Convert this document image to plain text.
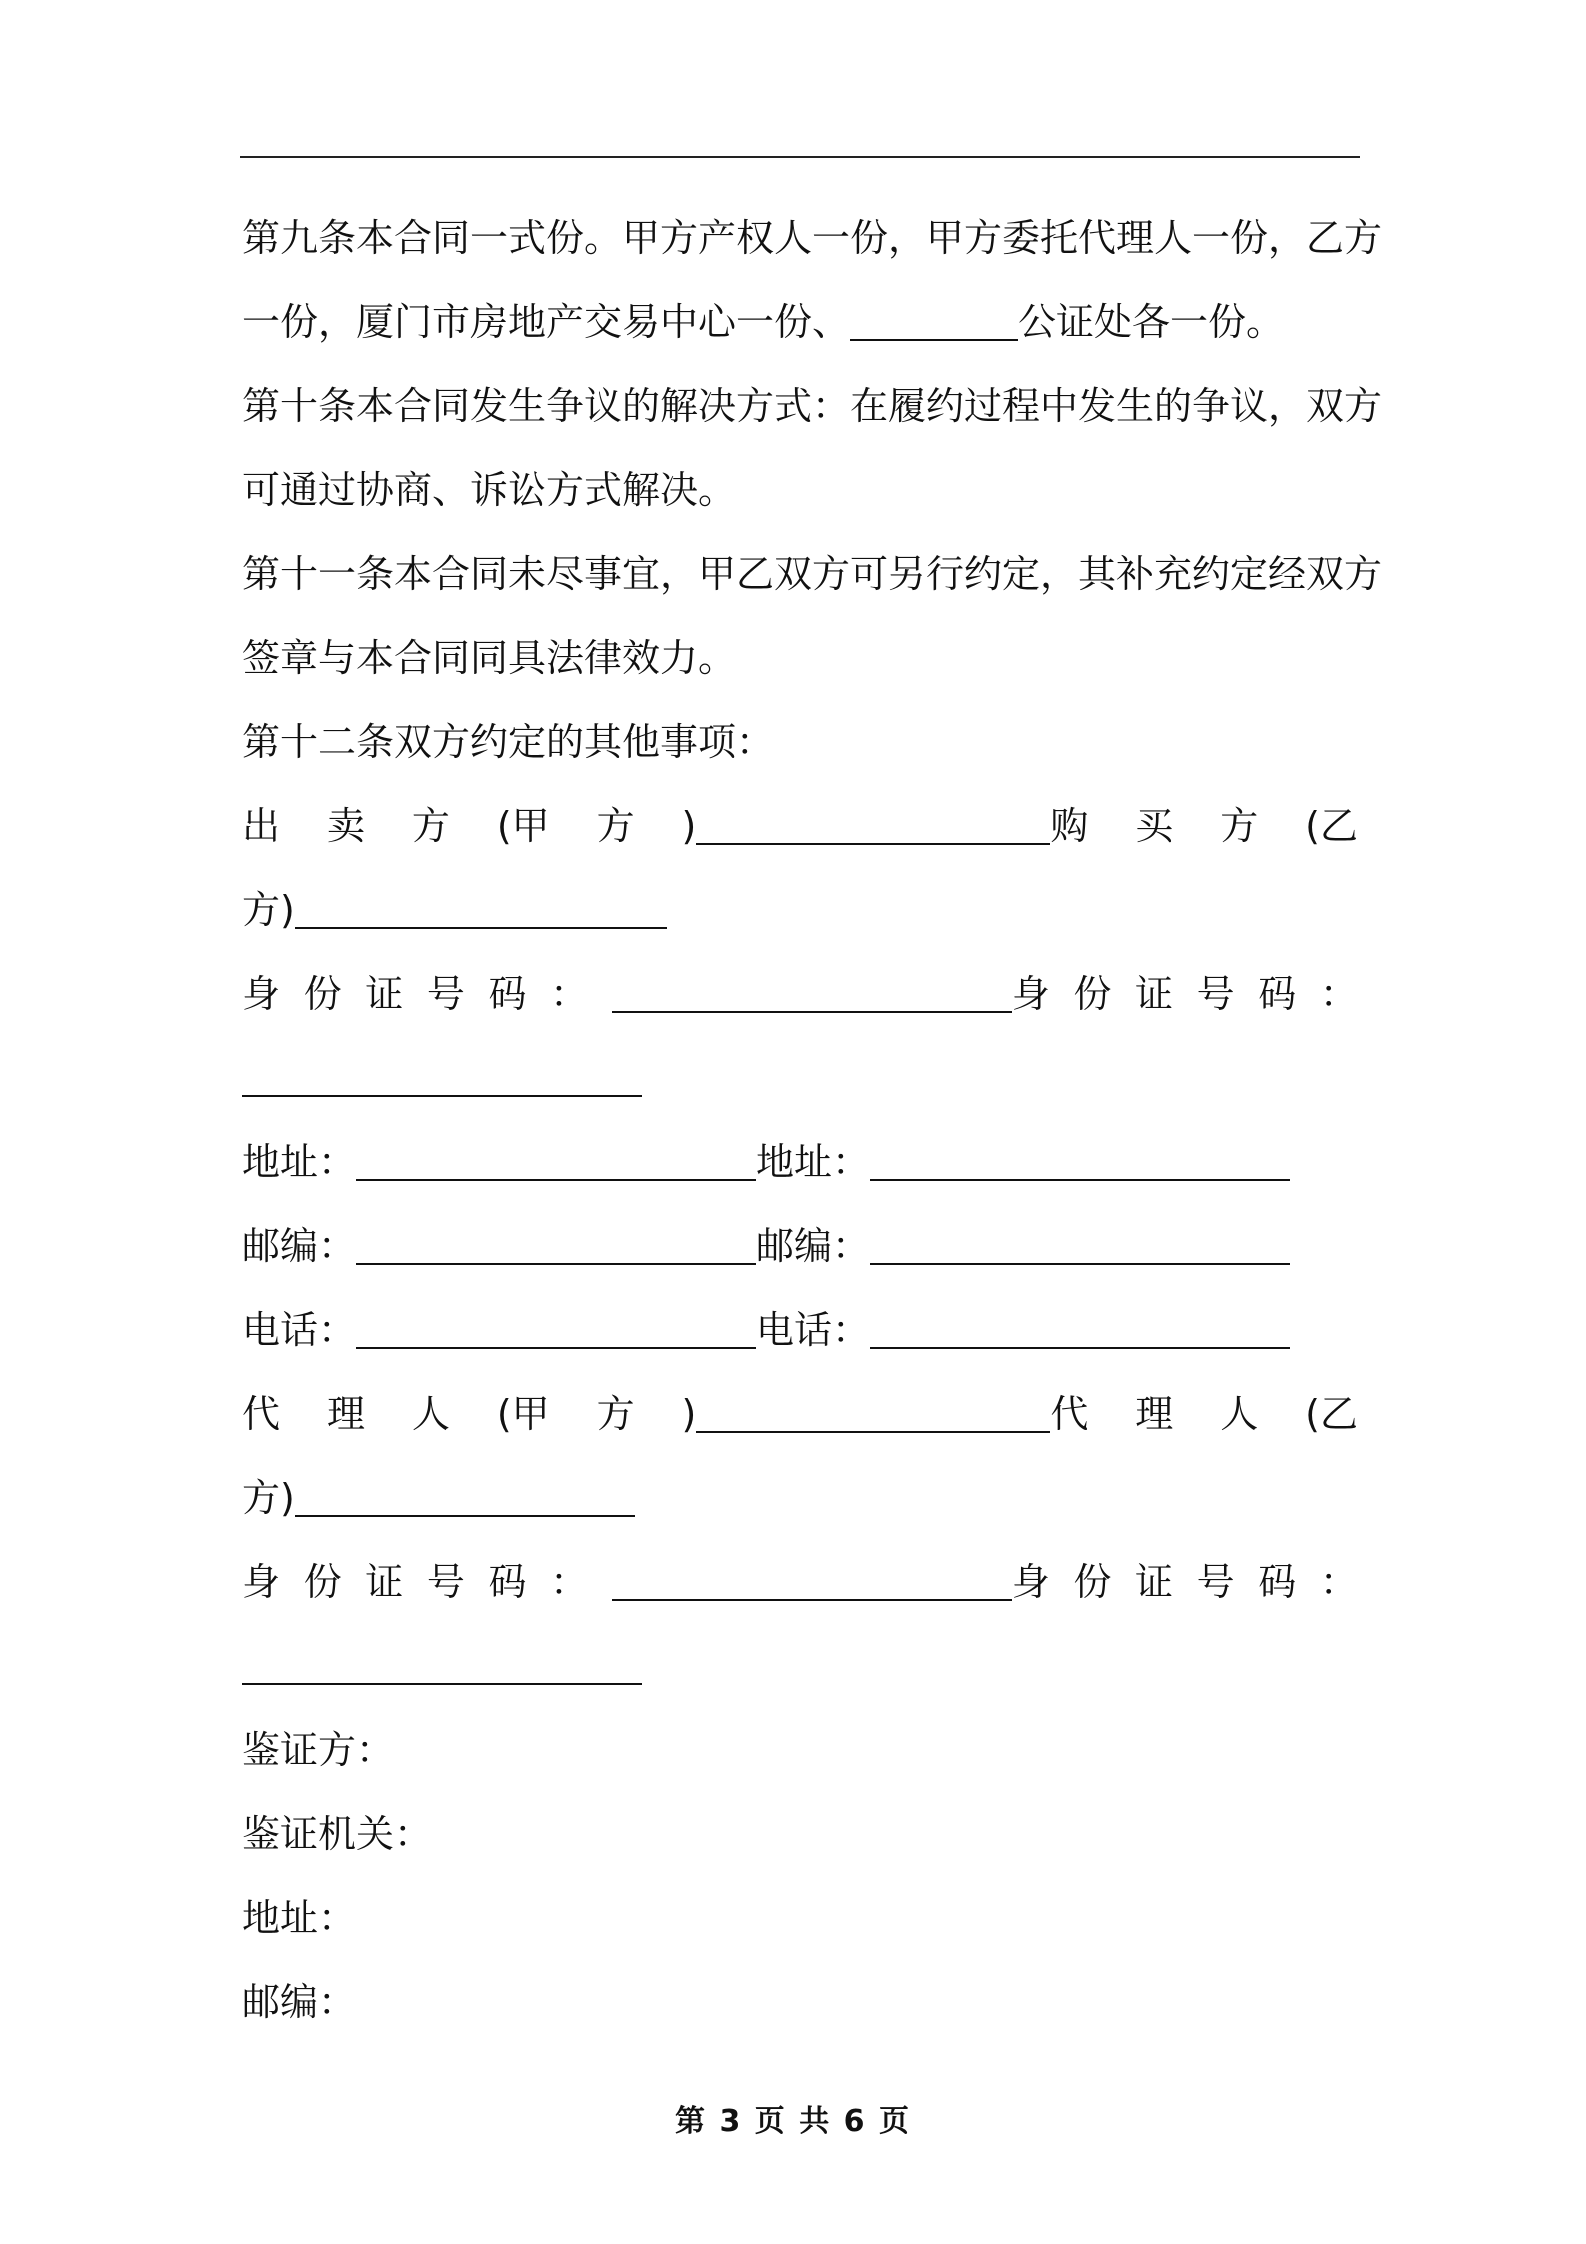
第九条本合同一式份。甲方产权人一份，甲方委托代理人一份，乙方

一份，厦门市房地产交易中心一份、	公证处各一份。

第十条本合同发生争议的解决方式：在履约过程中发生的争议，双方

可通过协商、诉讼方式解决。

第十一条本合同未尽事宜，甲乙双方可另行约定，其补充约定经双方

签章与本合同同具法律效力。

第十二条双方约定的其他事项：

出 卖 方 (甲 方 )	购 买 方 (乙

方)

身 份 证 号 码 ：	身 份 证 号 码 ：

地址：	地址：

邮编：	邮编：

电话：	电话：

代 理 人 (甲 方 )	代 理 人 (乙

方)

身 份 证 号 码 ：	身 份 证 号 码 ：

鉴证方：

鉴证机关：

地址：

邮编：

第 3 页 共 6 页
